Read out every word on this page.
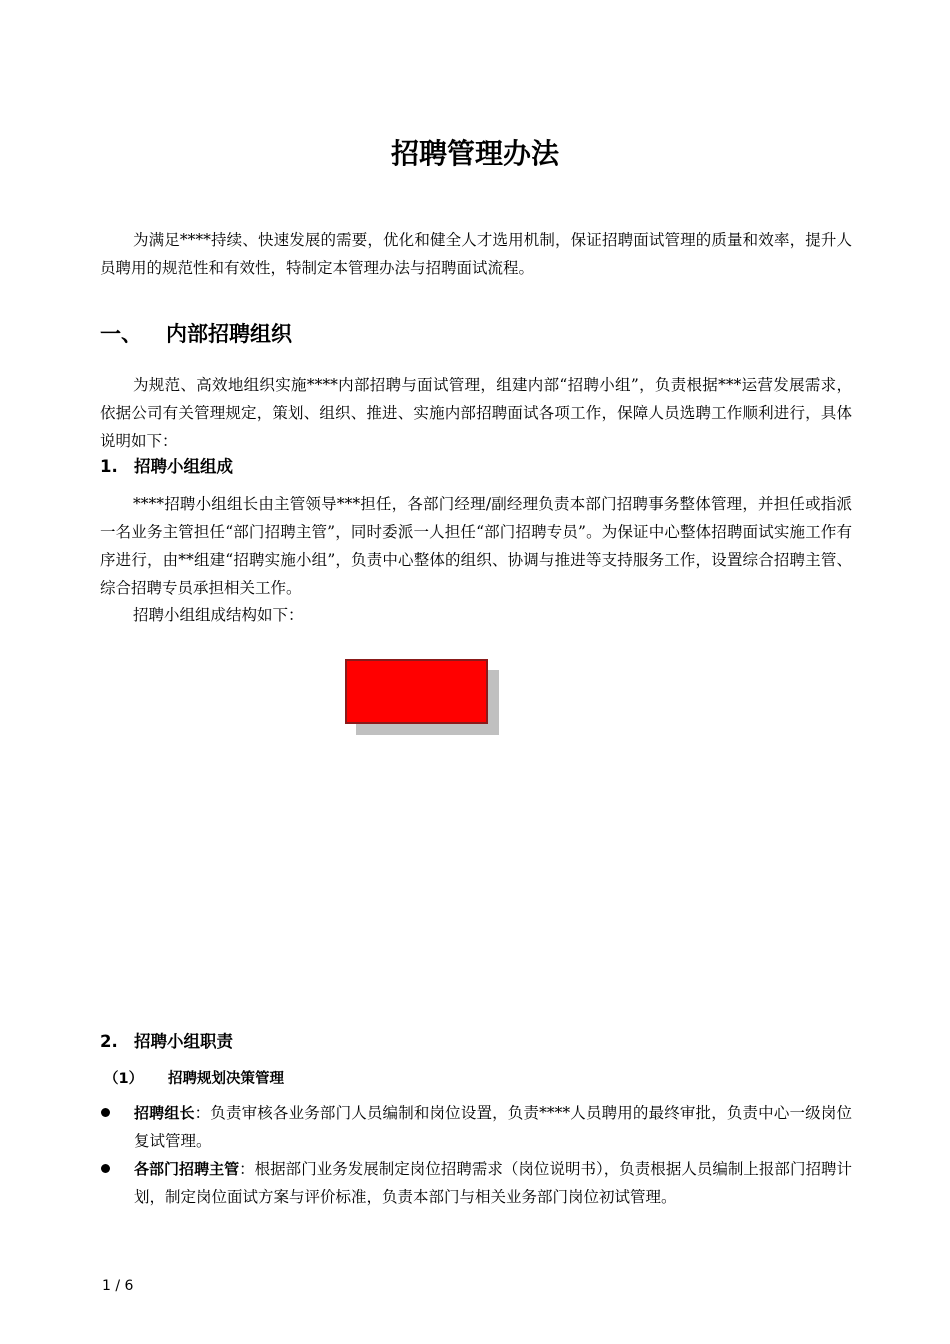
招聘管理办法

为满足****持续、快速发展的需要，优化和健全人才选用机制，保证招聘面试管理的质量和效率，提升人员聘用的规范性和有效性，特制定本管理办法与招聘面试流程。

一、 内部招聘组织

为规范、高效地组织实施****内部招聘与面试管理，组建内部“招聘小组”，负责根据***运营发展需求，依据公司有关管理规定，策划、组织、推进、实施内部招聘面试各项工作，保障人员选聘工作顺利进行，具体说明如下：

1. 招聘小组组成

****招聘小组组长由主管领导***担任，各部门经理/副经理负责本部门招聘事务整体管理，并担任或指派一名业务主管担任“部门招聘主管”，同时委派一人担任“部门招聘专员”。为保证中心整体招聘面试实施工作有序进行，由**组建“招聘实施小组”，负责中心整体的组织、协调与推进等支持服务工作，设置综合招聘主管、综合招聘专员承担相关工作。

招聘小组组成结构如下：

2. 招聘小组职责
（1） 招聘规划决策管理

招聘组长：负责审核各业务部门人员编制和岗位设置，负责****人员聘用的最终审批，负责中心一级岗位复试管理。

各部门招聘主管：根据部门业务发展制定岗位招聘需求（岗位说明书），负责根据人员编制上报部门招聘计划，制定岗位面试方案与评价标准，负责本部门与相关业务部门岗位初试管理。

1 / 6
